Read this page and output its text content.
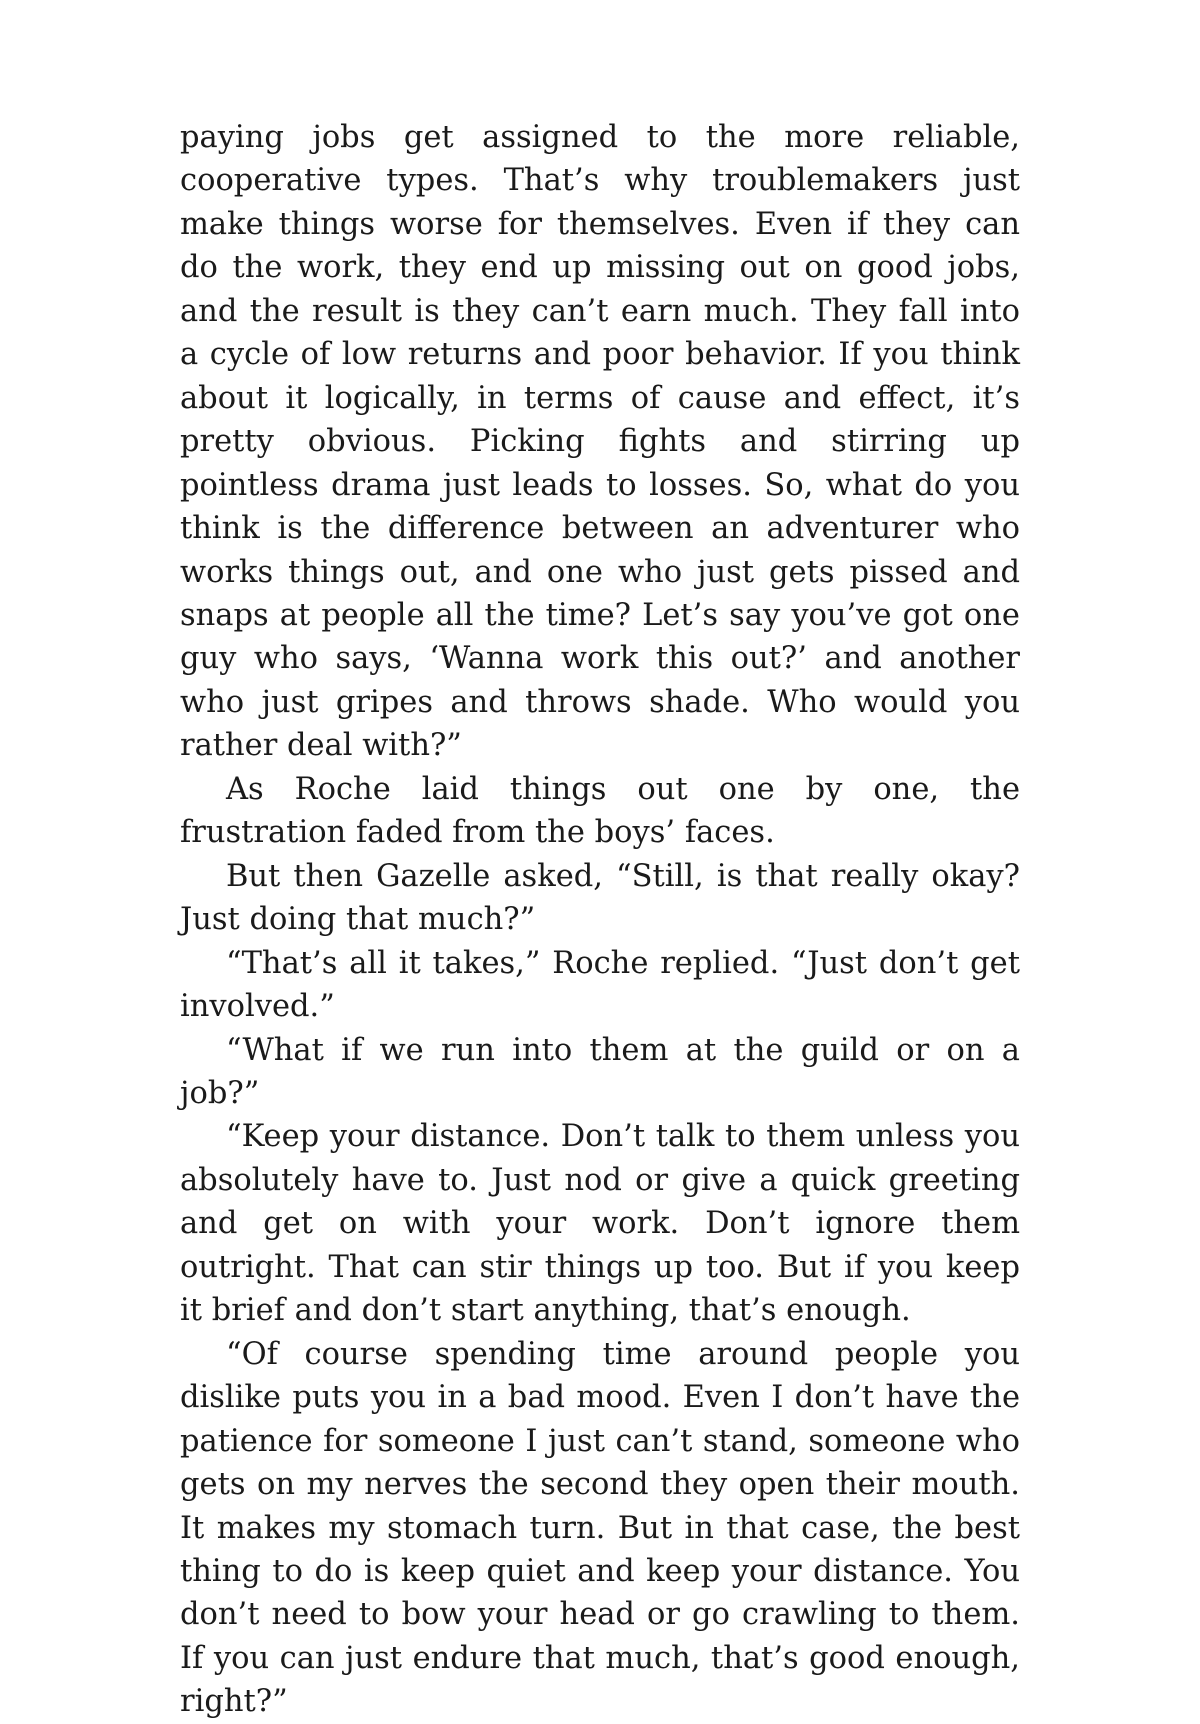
paying jobs get assigned to the more reliable, cooperative types. That’s why troublemakers just make things worse for themselves. Even if they can do the work, they end up missing out on good jobs, and the result is they can’t earn much. They fall into a cycle of low returns and poor behavior. If you think about it logically, in terms of cause and effect, it’s pretty obvious. Picking fights and stirring up pointless drama just leads to losses. So, what do you think is the difference between an adventurer who works things out, and one who just gets pissed and snaps at people all the time? Let’s say you’ve got one guy who says, ‘Wanna work this out?’ and another who just gripes and throws shade. Who would you rather deal with?”

As Roche laid things out one by one, the frustration faded from the boys’ faces.

But then Gazelle asked, “Still, is that really okay? Just doing that much?”

“That’s all it takes,” Roche replied. “Just don’t get involved.”

“What if we run into them at the guild or on a job?”

“Keep your distance. Don’t talk to them unless you absolutely have to. Just nod or give a quick greeting and get on with your work. Don’t ignore them outright. That can stir things up too. But if you keep it brief and don’t start anything, that’s enough.

“Of course spending time around people you dislike puts you in a bad mood. Even I don’t have the patience for someone I just can’t stand, someone who gets on my nerves the second they open their mouth. It makes my stomach turn. But in that case, the best thing to do is keep quiet and keep your distance. You don’t need to bow your head or go crawling to them. If you can just endure that much, that’s good enough, right?”
